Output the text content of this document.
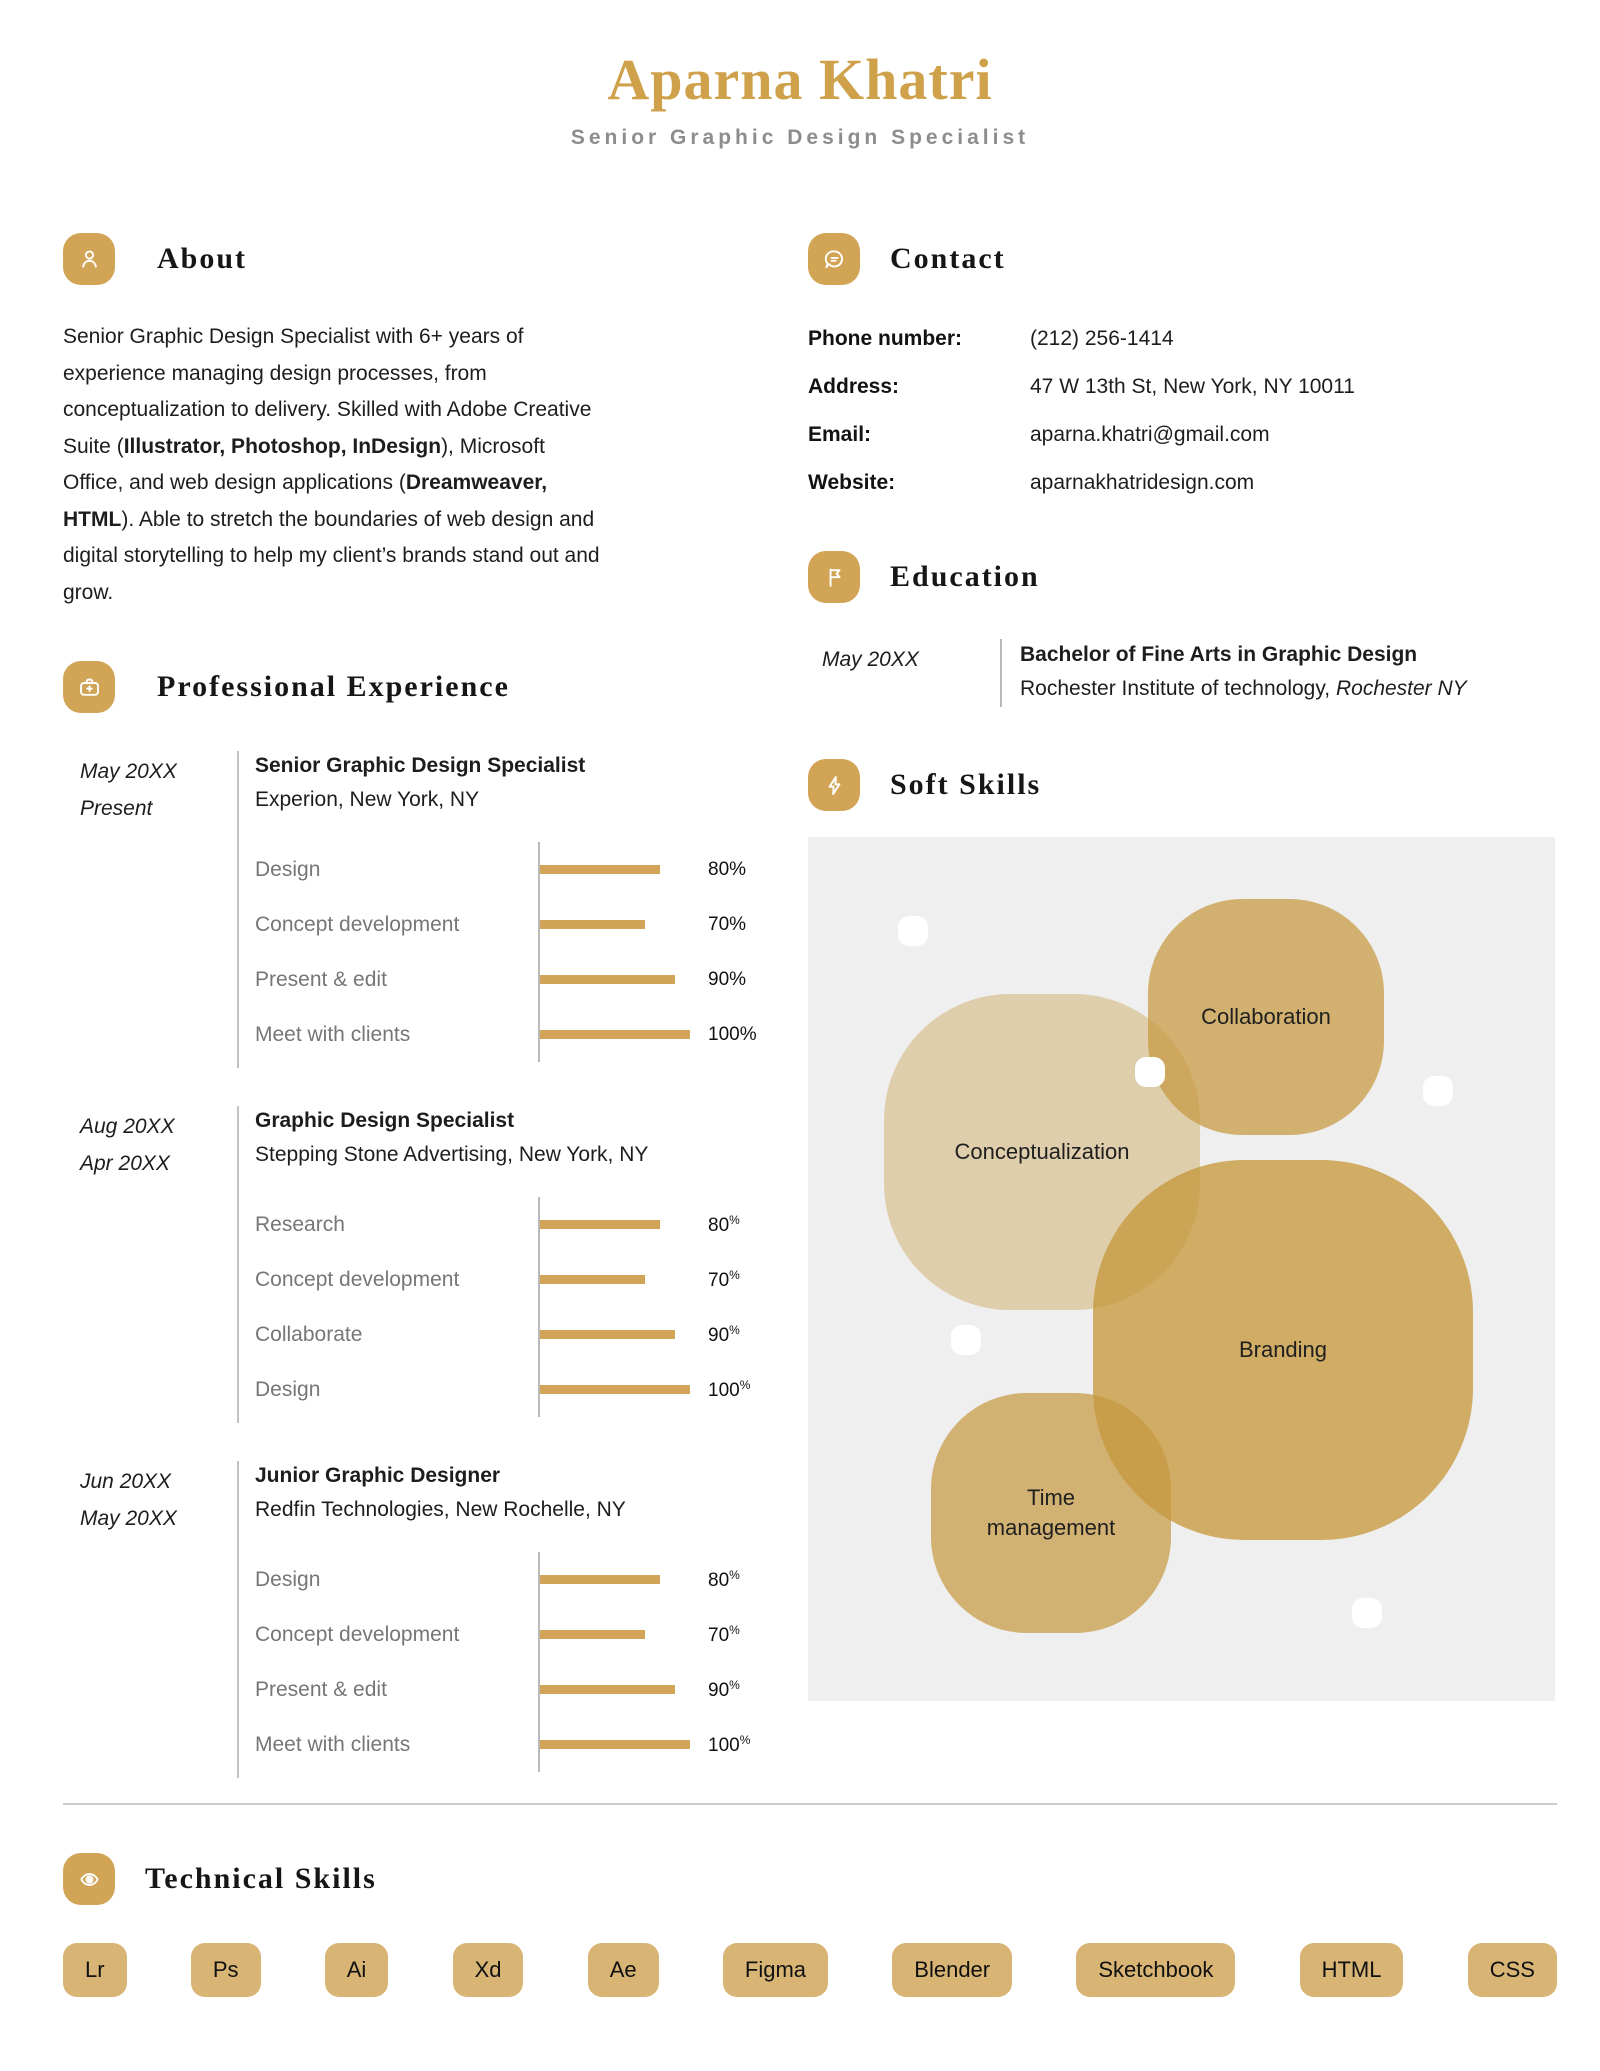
Aparna Khatri
Senior Graphic Design Specialist
About

Senior Graphic Design Specialist with 6+ years of experience managing design processes, from conceptualization to delivery. Skilled with Adobe Creative Suite (Illustrator, Photoshop, InDesign), Microsoft Office, and web design applications (Dreamweaver, HTML). Able to stretch the boundaries of web design and digital storytelling to help my client’s brands stand out and grow.

Professional Experience
May 20XX
Present
Senior Graphic Design Specialist
Experion, New York, NY
Design	80%
Concept development	70%
Present & edit	90%
Meet with clients	100%
Aug 20XX
Apr 20XX
Graphic Design Specialist
Stepping Stone Advertising, New York, NY
Research	80%
Concept development	70%
Collaborate	90%
Design	100%
Jun 20XX
May 20XX
Junior Graphic Designer
Redfin Technologies, New Rochelle, NY
Design	80%
Concept development	70%
Present & edit	90%
Meet with clients	100%
Contact
Phone number:	(212) 256-1414
Address:	47 W 13th St, New York, NY 10011
Email:	aparna.khatri@gmail.com
Website:	aparnakhatridesign.com
Education
May 20XX	Bachelor of Fine Arts in Graphic Design
Rochester Institute of technology, Rochester NY
Soft Skills
Conceptualization
Collaboration
Branding
Time management
Technical Skills
Lr	Ps	Ai	Xd	Ae	Figma	Blender	Sketchbook	HTML	CSS
